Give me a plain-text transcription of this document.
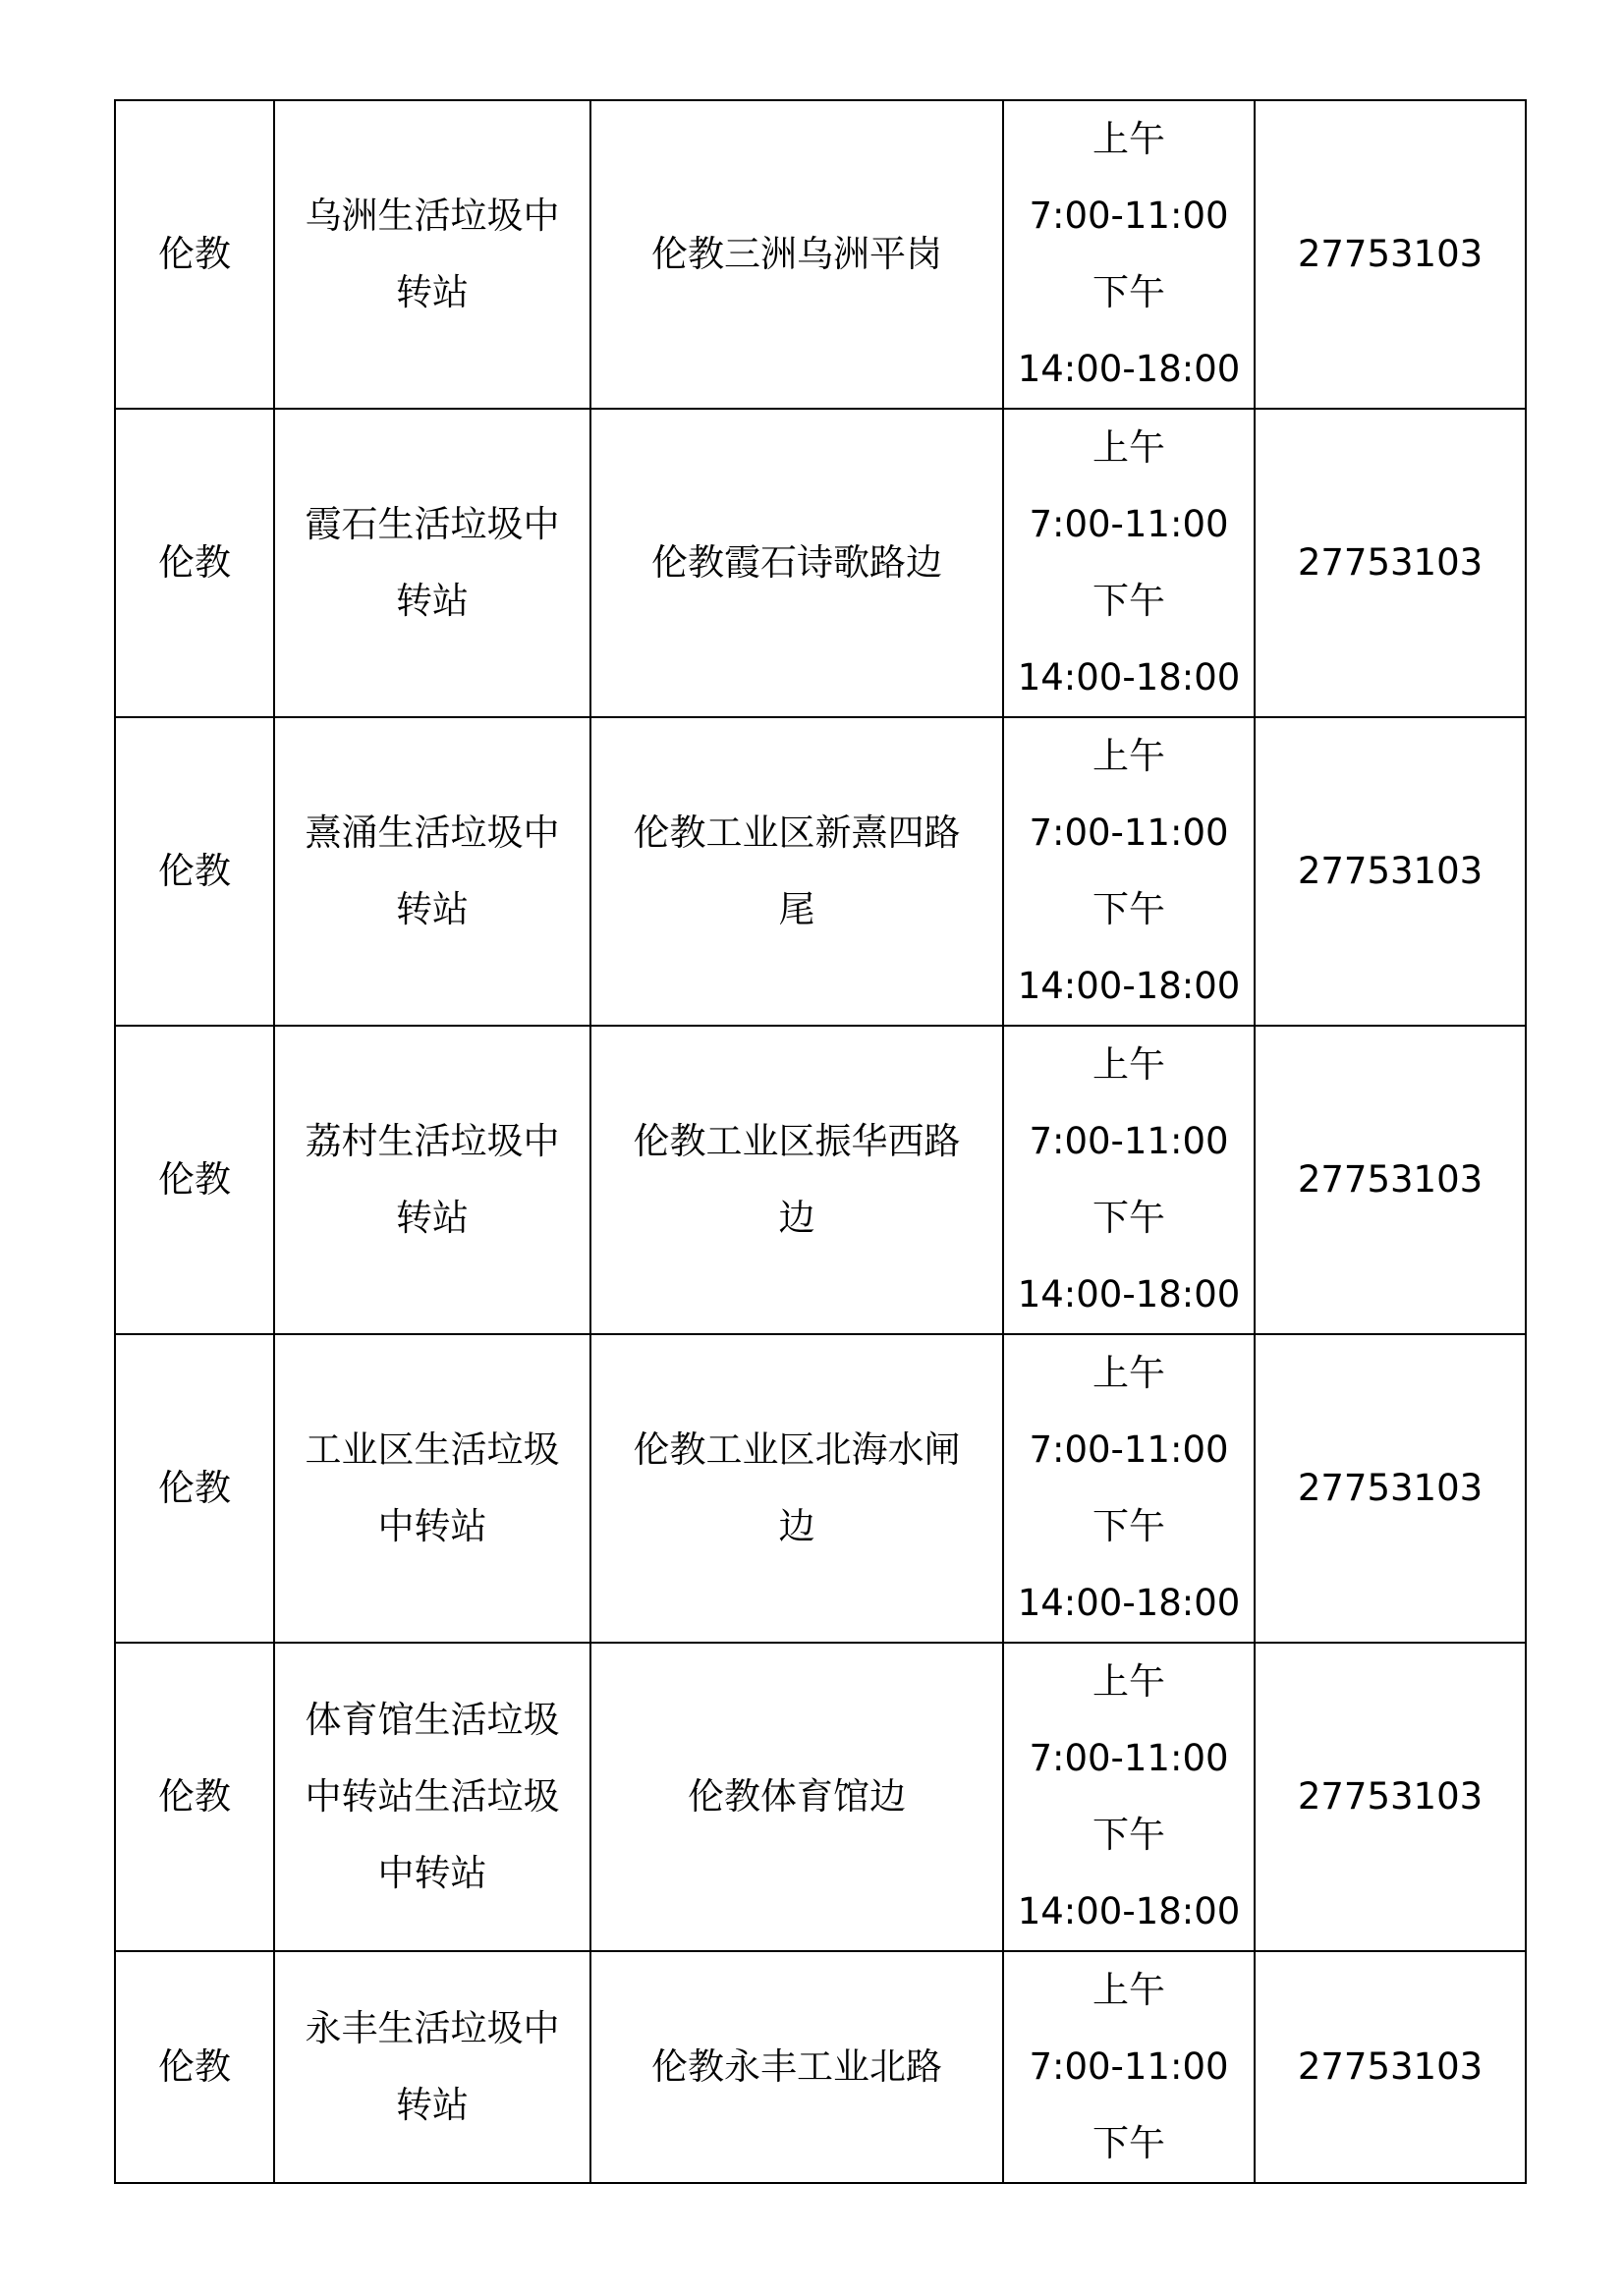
伦教	乌洲生活垃圾中转站	伦教三洲乌洲平岗	上午
7:00-11:00
下午
14:00-18:00	27753103
伦教	霞石生活垃圾中转站	伦教霞石诗歌路边	上午
7:00-11:00
下午
14:00-18:00	27753103
伦教	熹涌生活垃圾中转站	伦教工业区新熹四路尾	上午
7:00-11:00
下午
14:00-18:00	27753103
伦教	荔村生活垃圾中转站	伦教工业区振华西路边	上午
7:00-11:00
下午
14:00-18:00	27753103
伦教	工业区生活垃圾中转站	伦教工业区北海水闸边	上午
7:00-11:00
下午
14:00-18:00	27753103
伦教	体育馆生活垃圾中转站生活垃圾中转站	伦教体育馆边	上午
7:00-11:00
下午
14:00-18:00	27753103
伦教	永丰生活垃圾中转站	伦教永丰工业北路	上午
7:00-11:00
下午	27753103
